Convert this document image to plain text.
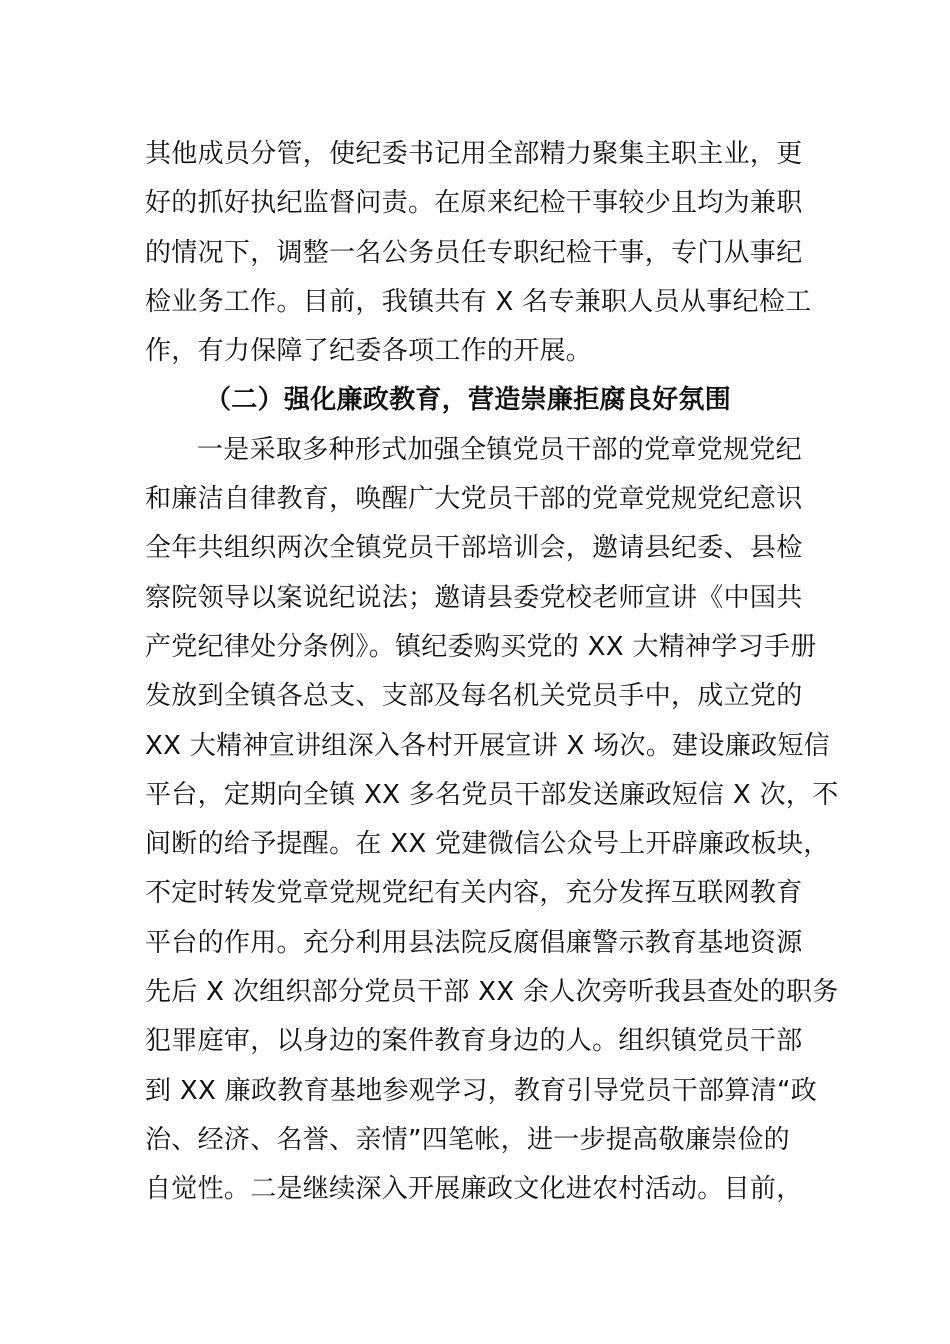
其他成员分管，使纪委书记用全部精力聚集主职主业，更
好的抓好执纪监督问责。在原来纪检干事较少且均为兼职
的情况下，调整一名公务员任专职纪检干事，专门从事纪
检业务工作。目前，我镇共有 X 名专兼职人员从事纪检工
作，有力保障了纪委各项工作的开展。
（二）强化廉政教育，营造崇廉拒腐良好氛围
一是采取多种形式加强全镇党员干部的党章党规党纪
和廉洁自律教育，唤醒广大党员干部的党章党规党纪意识
全年共组织两次全镇党员干部培训会，邀请县纪委、县检
察院领导以案说纪说法；邀请县委党校老师宣讲《中国共
产党纪律处分条例》。镇纪委购买党的 XX 大精神学习手册
发放到全镇各总支、支部及每名机关党员手中，成立党的
XX 大精神宣讲组深入各村开展宣讲 X 场次。建设廉政短信
平台，定期向全镇 XX 多名党员干部发送廉政短信 X 次，不
间断的给予提醒。在 XX 党建微信公众号上开辟廉政板块，
不定时转发党章党规党纪有关内容，充分发挥互联网教育
平台的作用。充分利用县法院反腐倡廉警示教育基地资源
先后 X 次组织部分党员干部 XX 余人次旁听我县查处的职务
犯罪庭审，以身边的案件教育身边的人。组织镇党员干部
到 XX 廉政教育基地参观学习，教育引导党员干部算清“政
治、经济、名誉、亲情”四笔帐，进一步提高敬廉崇俭的
自觉性。二是继续深入开展廉政文化进农村活动。目前，
